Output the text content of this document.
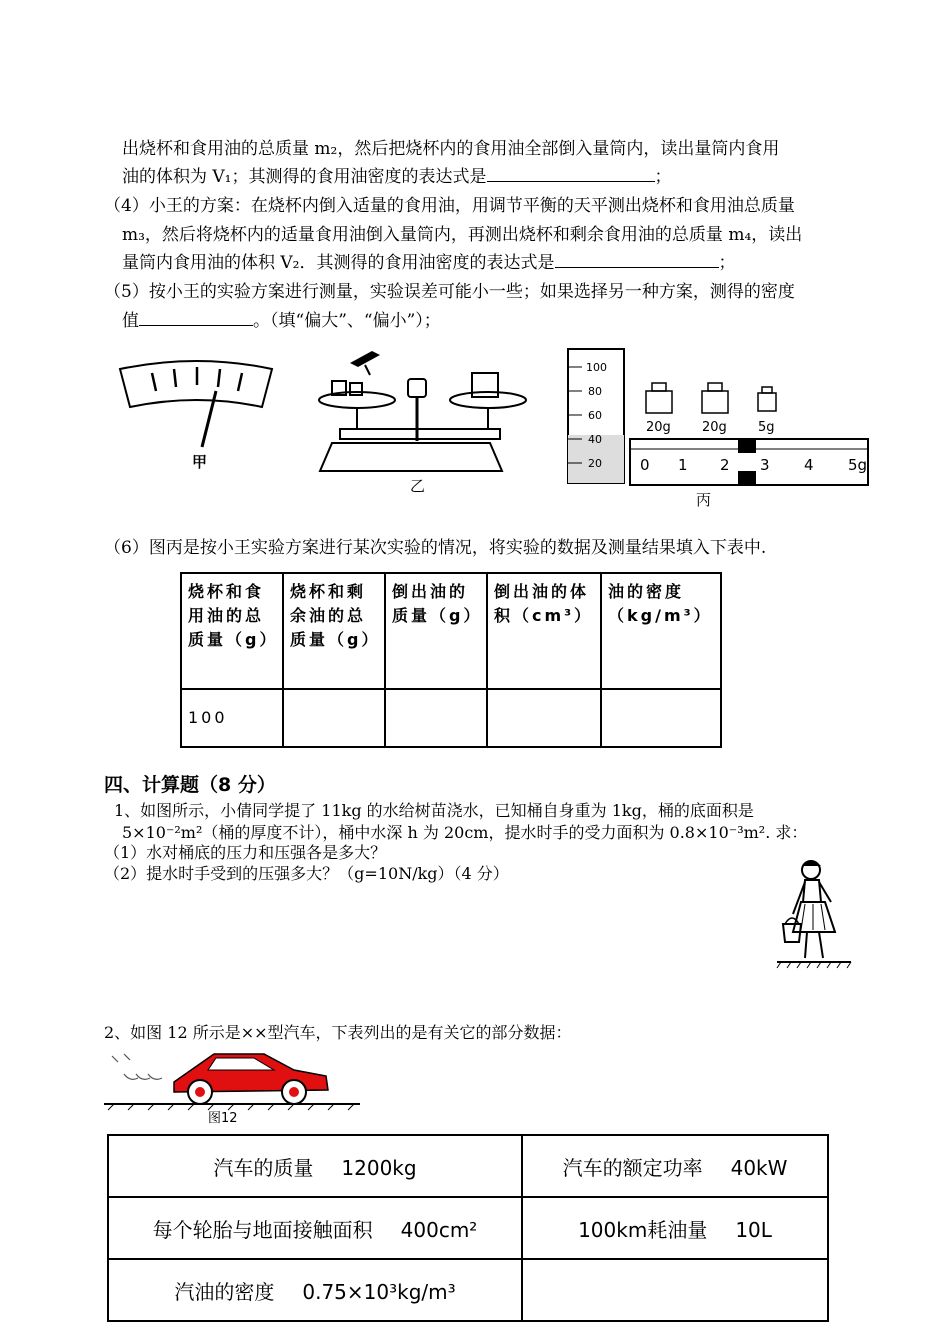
出烧杯和食用油的总质量 m₂，然后把烧杯内的食用油全部倒入量筒内，读出量筒内食用
油的体积为 V₁；其测得的食用油密度的表达式是	；
（4）小王的方案：在烧杯内倒入适量的食用油，用调节平衡的天平测出烧杯和食用油总质量
m₃，然后将烧杯内的适量食用油倒入量筒内，再测出烧杯和剩余食用油的总质量 m₄，读出
量筒内食用油的体积 V₂．其测得的食用油密度的表达式是	；
（5）按小王的实验方案进行测量，实验误差可能小一些；如果选择另一种方案，测得的密度
值	。（填“偏大”、“偏小”）；
甲
乙
100
80
60
40
20
20g 20g 5g
0 1 2 3 4 5g
丙
（6）图丙是按小王实验方案进行某次实验的情况，将实验的数据及测量结果填入下表中.
烧杯和食用油的总质量（g）	烧杯和剩余油的总质量（g）	倒出油的质量（g）	倒出油的体积（cm³）	油的密度（kg/m³）
100				
四、计算题（8 分）
1、如图所示，小倩同学提了 11kg 的水给树苗浇水，已知桶自身重为 1kg，桶的底面积是
5×10⁻²m²（桶的厚度不计），桶中水深 h 为 20cm，提水时手的受力面积为 0.8×10⁻³m². 求：
（1）水对桶底的压力和压强各是多大？
（2）提水时手受到的压强多大？（g=10N/kg）（4 分）
2、如图 12 所示是××型汽车，下表列出的是有关它的部分数据：
图12
汽车的质量 1200kg	汽车的额定功率 40kW
每个轮胎与地面接触面积 400cm²	100km耗油量 10L
汽油的密度 0.75×10³kg/m³	
